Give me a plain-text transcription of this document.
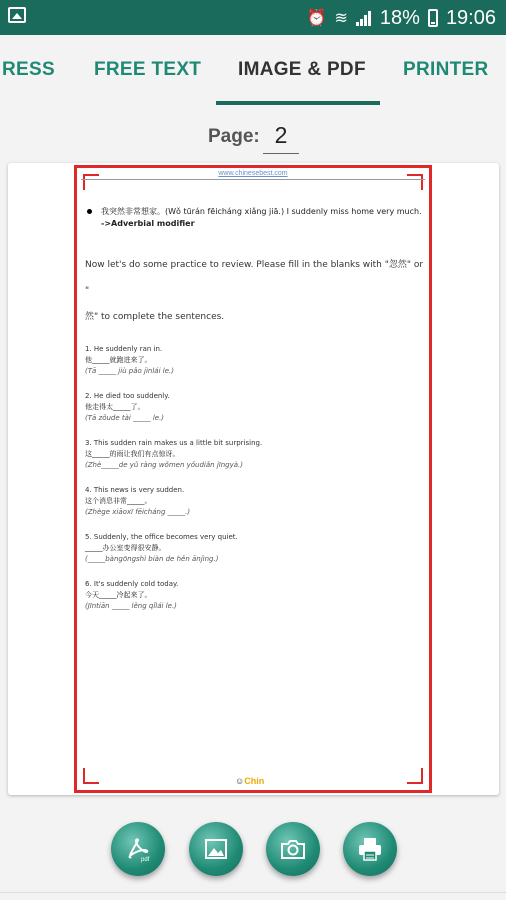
⏰ ≋ 18% 19:06
RESS FREE TEXT IMAGE & PDF PRINTER
Page: 2
www.chinesebest.com
我突然非常想家。(Wǒ tūrán fēicháng xiǎng jiā.) I suddenly miss home very much.
->Adverbial modifier
Now let's do some practice to review. Please fill in the blanks with "忽然" or "
然" to complete the sentences.
1. He suddenly ran in.
他_____就跑进来了。
(Tā _____ jiù pǎo jìnlái le.)
2. He died too suddenly.
他走得太_____了。
(Tā zǒude tài _____ le.)
3. This sudden rain makes us a little bit surprising.
这_____的雨让我们有点惊讶。
(Zhè_____de yǔ ràng wǒmen yǒudiǎn jīngyà.)
4. This news is very sudden.
这个消息非常_____。
(Zhège xiāoxī fēicháng _____.)
5. Suddenly, the office becomes very quiet.
_____办公室变得很安静。
(_____bàngōngshì biàn de hěn ānjìng.)
6. It's suddenly cold today.
今天_____冷起来了。
(Jīntiān _____ lěng qǐlái le.)
☺Chin
pdf
